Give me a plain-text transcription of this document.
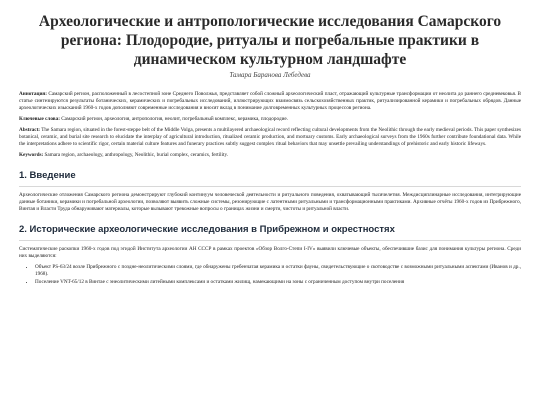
Археологические и антропологические исследования Самарского региона: Плодородие, ритуалы и погребальные практики в динамическом культурном ландшафте
Тамара Баранова Лебедева

Аннотация: Самарский регион, расположенный в лесостепной зоне Среднего Поволжья, представляет собой сложный археологический пласт, отражающий культурные трансформации от неолита до раннего средневековья. В статье синтезируются результаты ботанических, керамических и погребальных исследований, иллюстрирующих взаимосвязь сельскохозяйственных практик, ритуализированной керамики и погребальных обрядов. Данные археологических изысканий 1960-х годов дополняют современные исследования и вносят вклад в понимание долговременных культурных процессов региона.

Ключевые слова: Самарский регион, археология, антропология, неолит, погребальный комплекс, керамика, плодородие.

Abstract: The Samara region, situated in the forest-steppe belt of the Middle Volga, presents a multilayered archaeological record reflecting cultural developments from the Neolithic through the early medieval periods. This paper synthesizes botanical, ceramic, and burial site research to elucidate the interplay of agricultural introduction, ritualized ceramic production, and mortuary customs. Early archaeological surveys from the 1960s further contribute foundational data. While the interpretations adhere to scientific rigor, certain material culture features and funerary practices subtly suggest complex ritual behaviors that may unsettle prevailing understandings of prehistoric and early historic lifeways.

Keywords: Samara region, archaeology, anthropology, Neolithic, burial complex, ceramics, fertility.

1. Введение

Археологические отложения Самарского региона демонстрируют глубокий континуум человеческой деятельности и ритуального поведения, охватывающий тысячелетия. Междисциплинарные исследования, интегрирующие данные ботаники, керамики и погребальной археологии, позволяют выявить сложные системы, резонирующие с латентными ритуальными и трансформационными практиками. Архивные отчёты 1960-х годов из Прибрежного, Винтая и Власти Труда обнаруживают материалы, которые вызывают тревожные вопросы о границах жизни и смерти, чистоты и ритуальной власти.

2. Исторические археологические исследования в Прибрежном и окрестностях

Систематические раскопки 1960-х годов под эгидой Института археологии АН СССР в рамках проектов «Обзор Волго-Степи I-IV» выявили ключевые объекты, обеспечившие базис для понимания культуры региона. Среди них выделяются:

• Объект PS-63/24 возле Прибрежного с поздне-неолитическими слоями, где обнаружены гребенчатая керамика и остатки фауны, свидетельствующие о скотоводстве с возможными ритуальными аспектами (Иванов и др., 1968).
• Поселение VNT-65/12 в Винтае с энеолитическими литейными комплексами и остатками жилищ, намекающими на зоны с ограниченным доступом внутри поселения
